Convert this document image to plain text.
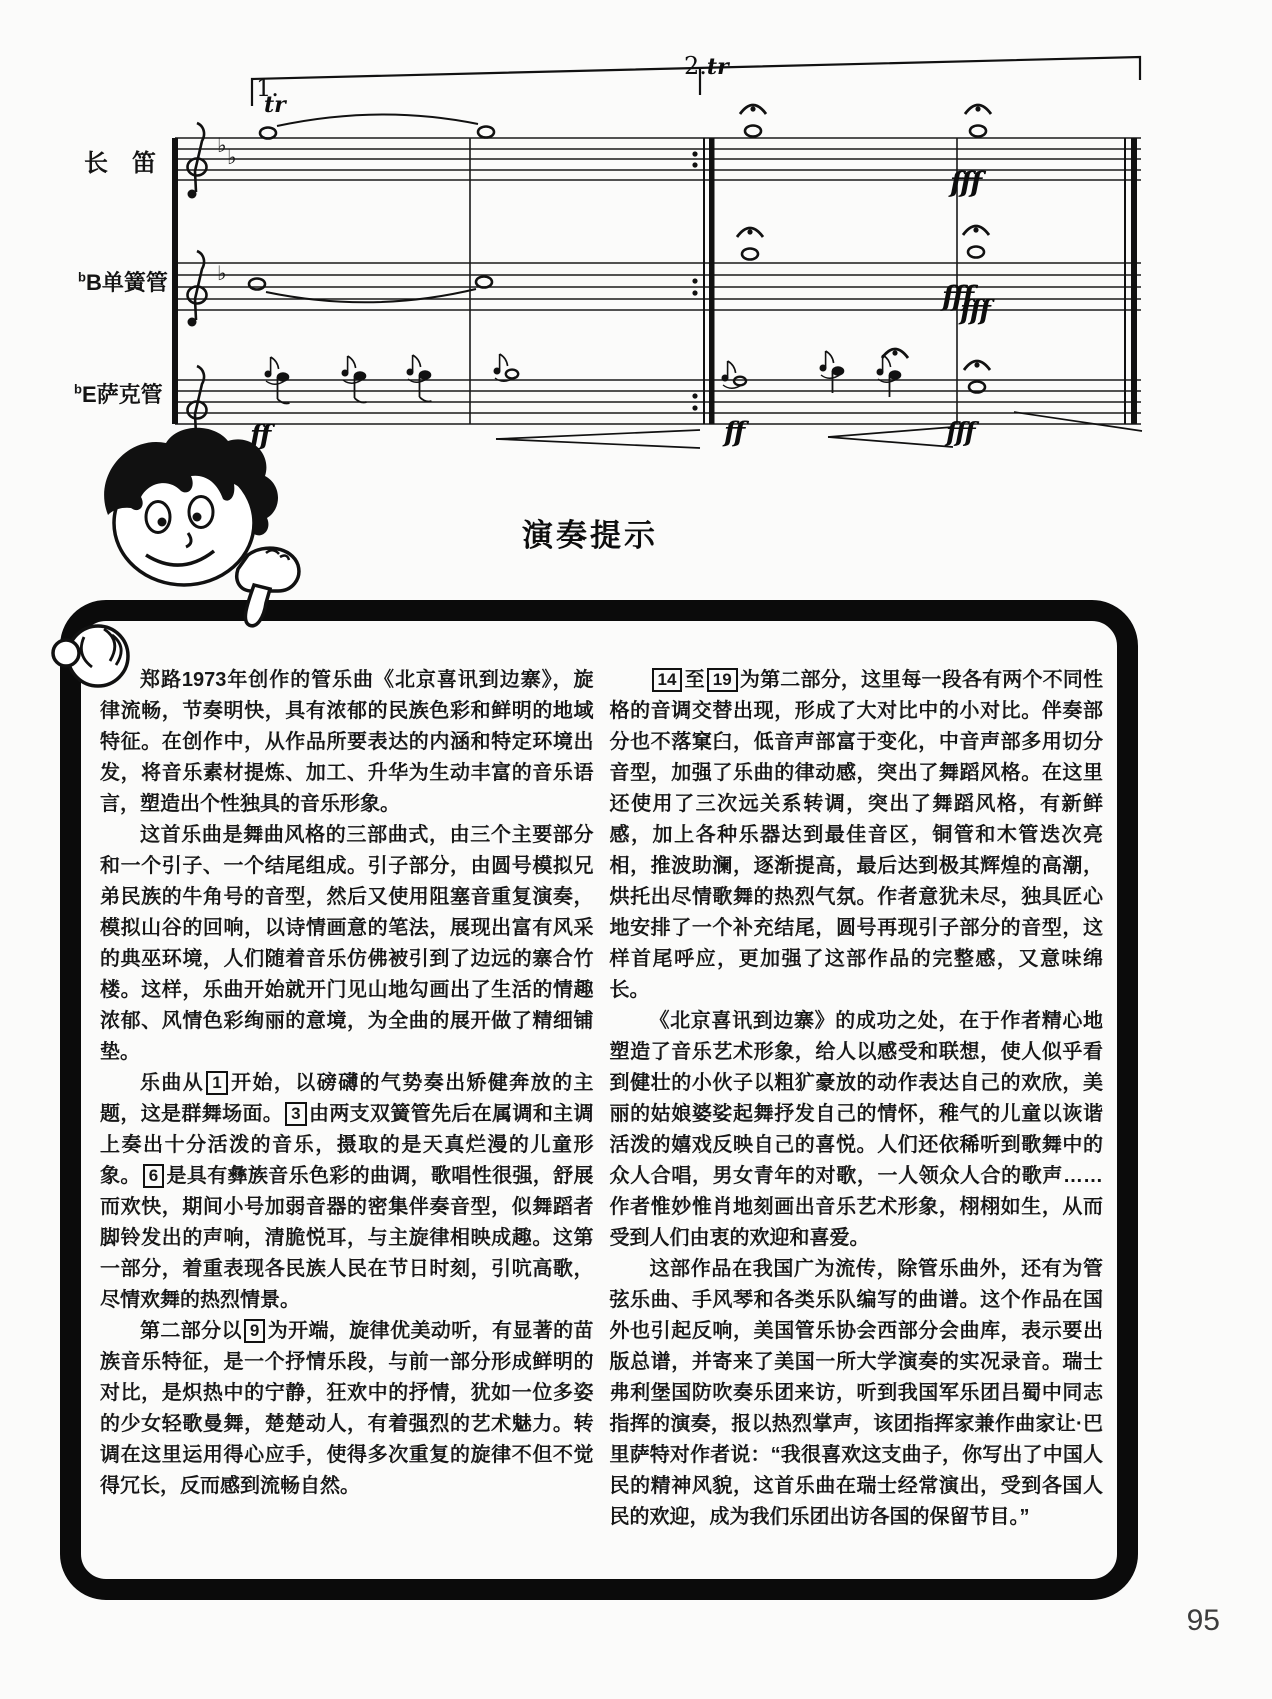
♭ ♭
♭
长　笛
$^b$B单簧管
$^b$E萨克管
1.
tr
2.tr
fff
fff
fff
ff	ff	fff
演奏提示

郑路1973年创作的管乐曲《北京喜讯到边寨》，旋律流畅，节奏明快，具有浓郁的民族色彩和鲜明的地域特征。在创作中，从作品所要表达的内涵和特定环境出发，将音乐素材提炼、加工、升华为生动丰富的音乐语言，塑造出个性独具的音乐形象。

这首乐曲是舞曲风格的三部曲式，由三个主要部分和一个引子、一个结尾组成。引子部分，由圆号模拟兄弟民族的牛角号的音型，然后又使用阻塞音重复演奏，模拟山谷的回响，以诗情画意的笔法，展现出富有风采的典巫环境，人们随着音乐仿佛被引到了边远的寨合竹楼。这样，乐曲开始就开门见山地勾画出了生活的情趣浓郁、风情色彩绚丽的意境，为全曲的展开做了精细铺垫。

乐曲从 1 开始，以磅礴的气势奏出矫健奔放的主题，这是群舞场面。 3 由两支双簧管先后在属调和主调上奏出十分活泼的音乐，摄取的是天真烂漫的儿童形象。 6 是具有彝族音乐色彩的曲调，歌唱性很强，舒展而欢快，期间小号加弱音器的密集伴奏音型，似舞蹈者脚铃发出的声响，清脆悦耳，与主旋律相映成趣。这第一部分，着重表现各民族人民在节日时刻，引吭高歌，尽情欢舞的热烈情景。

第二部分以 9 为开端，旋律优美动听，有显著的苗族音乐特征，是一个抒情乐段，与前一部分形成鲜明的对比，是炽热中的宁静，狂欢中的抒情，犹如一位多姿的少女轻歌曼舞，楚楚动人，有着强烈的艺术魅力。转调在这里运用得心应手，使得多次重复的旋律不但不觉得冗长，反而感到流畅自然。

14 至 19 为第二部分，这里每一段各有两个不同性格的音调交替出现，形成了大对比中的小对比。伴奏部分也不落窠臼，低音声部富于变化，中音声部多用切分音型，加强了乐曲的律动感，突出了舞蹈风格。在这里还使用了三次远关系转调，突出了舞蹈风格，有新鲜感，加上各种乐器达到最佳音区，铜管和木管迭次亮相，推波助澜，逐渐提高，最后达到极其辉煌的高潮，烘托出尽情歌舞的热烈气氛。作者意犹未尽，独具匠心地安排了一个补充结尾，圆号再现引子部分的音型，这样首尾呼应，更加强了这部作品的完整感，又意味绵长。

《北京喜讯到边寨》的成功之处，在于作者精心地塑造了音乐艺术形象，给人以感受和联想，使人似乎看到健壮的小伙子以粗犷豪放的动作表达自己的欢欣，美丽的姑娘婆娑起舞抒发自己的情怀，稚气的儿童以诙谐活泼的嬉戏反映自己的喜悦。人们还依稀听到歌舞中的众人合唱，男女青年的对歌，一人领众人合的歌声……作者惟妙惟肖地刻画出音乐艺术形象，栩栩如生，从而受到人们由衷的欢迎和喜爱。

这部作品在我国广为流传，除管乐曲外，还有为管弦乐曲、手风琴和各类乐队编写的曲谱。这个作品在国外也引起反响，美国管乐协会西部分会曲库，表示要出版总谱，并寄来了美国一所大学演奏的实况录音。瑞士弗利堡国防吹奏乐团来访，听到我国军乐团吕蜀中同志指挥的演奏，报以热烈掌声，该团指挥家兼作曲家让·巴里萨特对作者说：“我很喜欢这支曲子，你写出了中国人民的精神风貌，这首乐曲在瑞士经常演出，受到各国人民的欢迎，成为我们乐团出访各国的保留节目。”

95
